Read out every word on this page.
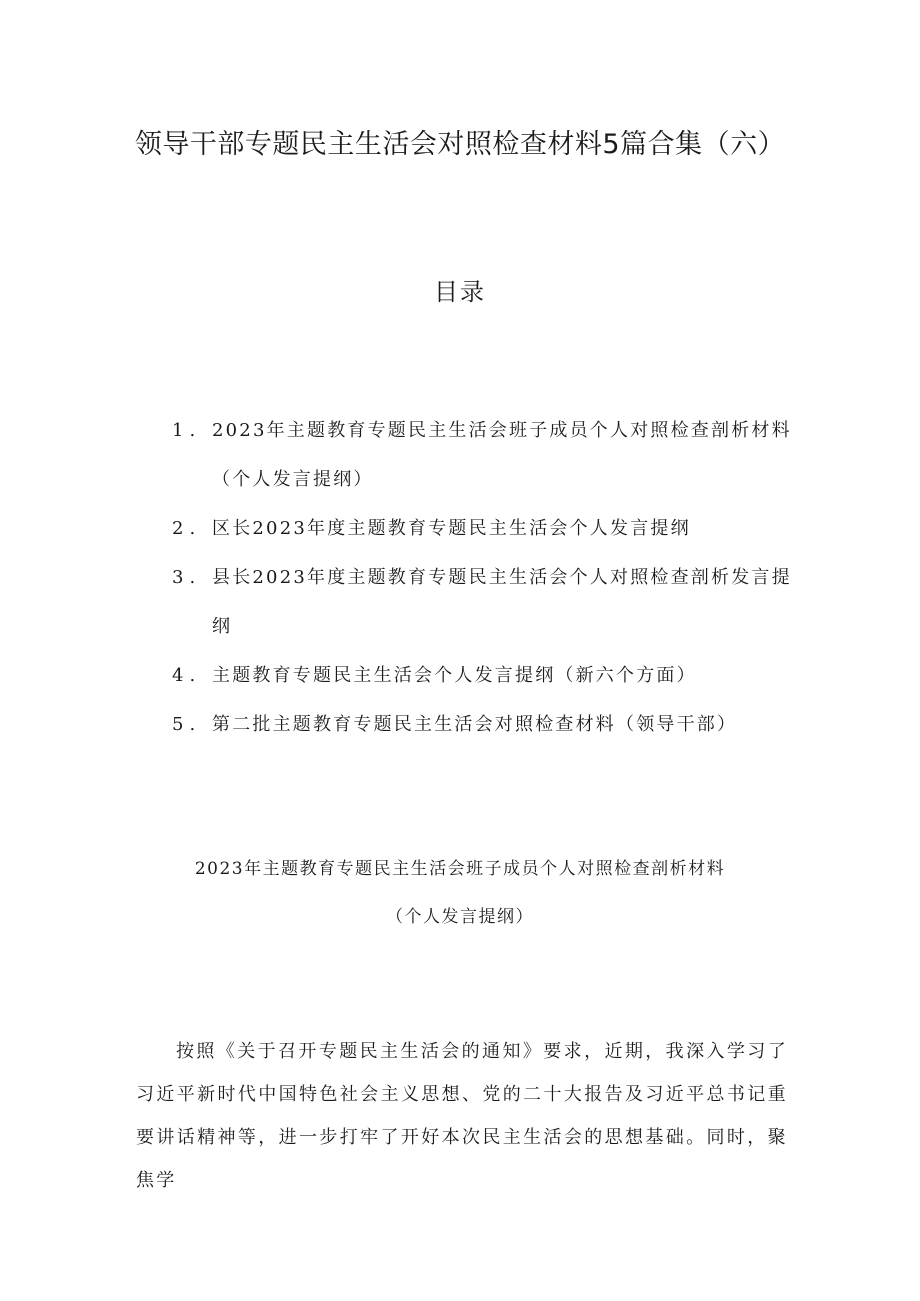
领导干部专题民主生活会对照检查材料5篇合集（六）
目录
1. 2023年主题教育专题民主生活会班子成员个人对照检查剖析材料（个人发言提纲）
2. 区长2023年度主题教育专题民主生活会个人发言提纲
3. 县长2023年度主题教育专题民主生活会个人对照检查剖析发言提纲
4. 主题教育专题民主生活会个人发言提纲（新六个方面）
5. 第二批主题教育专题民主生活会对照检查材料（领导干部）
2023年主题教育专题民主生活会班子成员个人对照检查剖析材料
（个人发言提纲）

按照《关于召开专题民主生活会的通知》要求，近期，我深入学习了习近平新时代中国特色社会主义思想、党的二十大报告及习近平总书记重要讲话精神等，进一步打牢了开好本次民主生活会的思想基础。同时，聚焦学
